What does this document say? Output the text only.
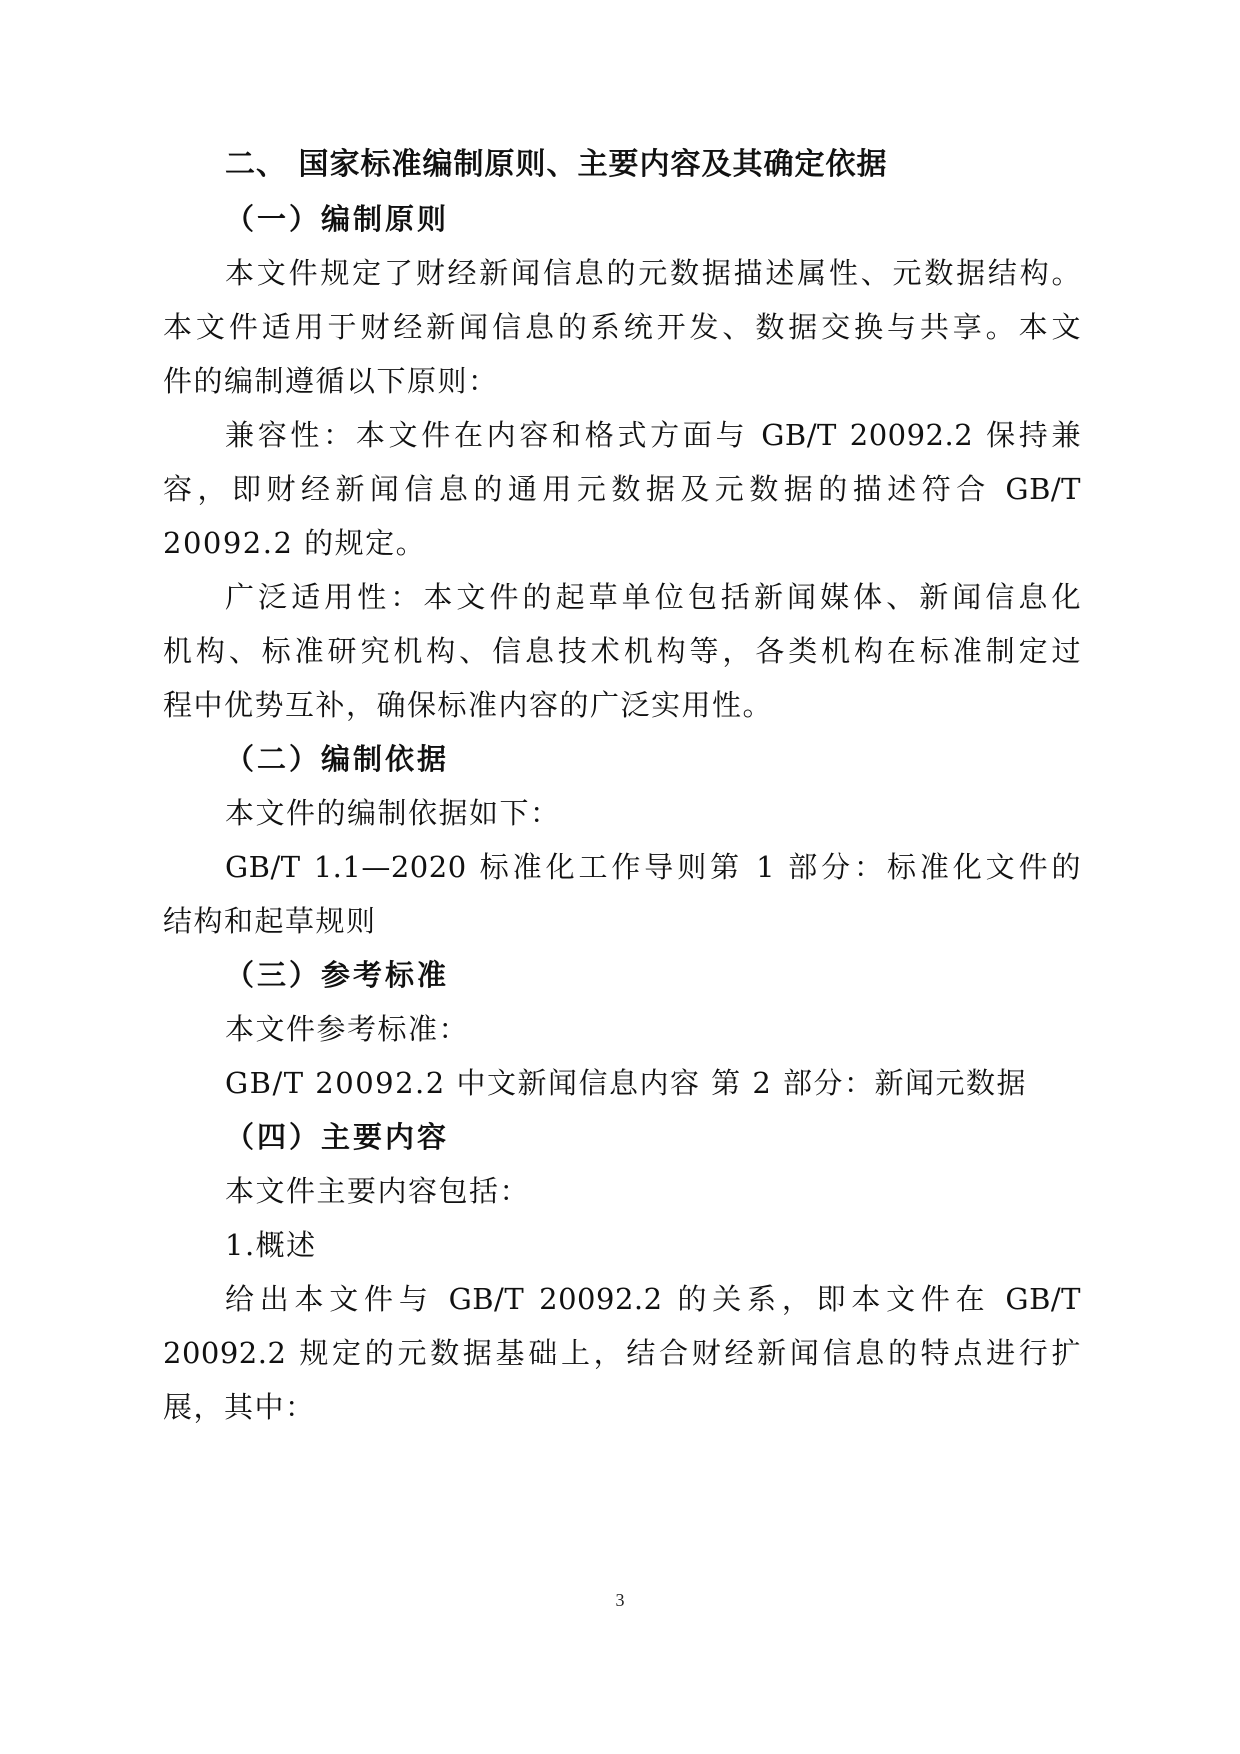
二、 国家标准编制原则、主要内容及其确定依据
（一）编制原则
本文件规定了财经新闻信息的元数据描述属性、元数据结构。
本文件适用于财经新闻信息的系统开发、数据交换与共享。本文
件的编制遵循以下原则：
兼容性：本文件在内容和格式方面与 GB/T 20092.2 保持兼
容，即财经新闻信息的通用元数据及元数据的描述符合 GB/T
20092.2 的规定。
广泛适用性：本文件的起草单位包括新闻媒体、新闻信息化
机构、标准研究机构、信息技术机构等，各类机构在标准制定过
程中优势互补，确保标准内容的广泛实用性。
（二）编制依据
本文件的编制依据如下：
GB/T 1.1—2020 标准化工作导则第 1 部分：标准化文件的
结构和起草规则
（三）参考标准
本文件参考标准：
GB/T 20092.2 中文新闻信息内容 第 2 部分：新闻元数据
（四）主要内容
本文件主要内容包括：
1.概述
给出本文件与 GB/T 20092.2 的关系，即本文件在 GB/T
20092.2 规定的元数据基础上，结合财经新闻信息的特点进行扩
展，其中：
3
